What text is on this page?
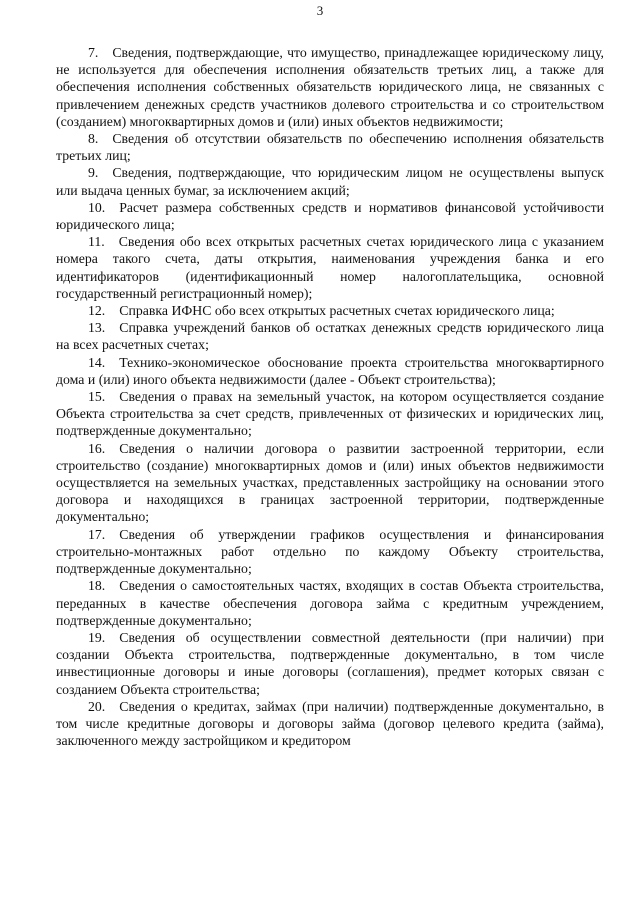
3

7. Сведения, подтверждающие, что имущество, принадлежащее юридическому лицу, не используется для обеспечения исполнения обязательств третьих лиц, а также для обеспечения исполнения собственных обязательств юридического лица, не связанных с привлечением денежных средств участников долевого строительства и со строительством (созданием) многоквартирных домов и (или) иных объектов недвижимости;

8. Сведения об отсутствии обязательств по обеспечению исполнения обязательств третьих лиц;

9. Сведения, подтверждающие, что юридическим лицом не осуществлены выпуск или выдача ценных бумаг, за исключением акций;

10. Расчет размера собственных средств и нормативов финансовой устойчивости юридического лица;

11. Сведения обо всех открытых расчетных счетах юридического лица с указанием номера такого счета, даты открытия, наименования учреждения банка и его идентификаторов (идентификационный номер налогоплательщика, основной государственный регистрационный номер);

12. Справка ИФНС обо всех открытых расчетных счетах юридического лица;

13. Справка учреждений банков об остатках денежных средств юридического лица на всех расчетных счетах;

14. Технико-экономическое обоснование проекта строительства многоквартирного дома и (или) иного объекта недвижимости (далее - Объект строительства);

15. Сведения о правах на земельный участок, на котором осуществляется создание Объекта строительства за счет средств, привлеченных от физических и юридических лиц, подтвержденные документально;

16. Сведения о наличии договора о развитии застроенной территории, если строительство (создание) многоквартирных домов и (или) иных объектов недвижимости осуществляется на земельных участках, представленных застройщику на основании этого договора и находящихся в границах застроенной территории, подтвержденные документально;

17. Сведения об утверждении графиков осуществления и финансирования строительно-монтажных работ отдельно по каждому Объекту строительства, подтвержденные документально;

18. Сведения о самостоятельных частях, входящих в состав Объекта строительства, переданных в качестве обеспечения договора займа с кредитным учреждением, подтвержденные документально;

19. Сведения об осуществлении совместной деятельности (при наличии) при создании Объекта строительства, подтвержденные документально, в том числе инвестиционные договоры и иные договоры (соглашения), предмет которых связан с созданием Объекта строительства;

20. Сведения о кредитах, займах (при наличии) подтвержденные документально, в том числе кредитные договоры и договоры займа (договор целевого кредита (займа), заключенного между застройщиком и кредитором
